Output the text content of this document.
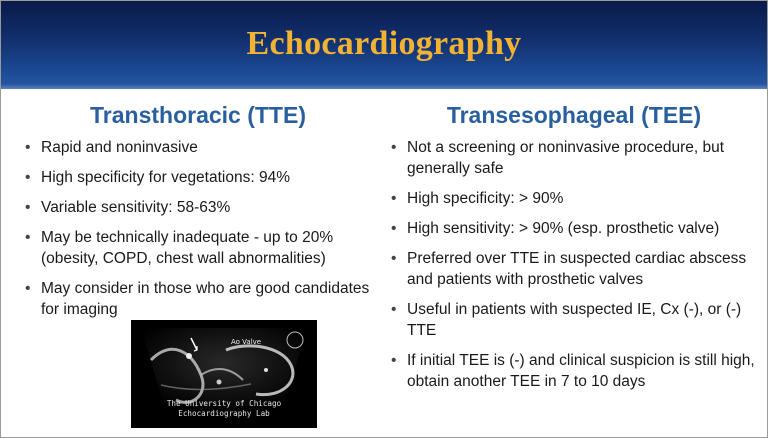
Echocardiography
Transthoracic (TTE)
• Rapid and noninvasive
• High specificity for vegetations: 94%
• Variable sensitivity: 58-63%
• May be technically inadequate - up to 20% (obesity, COPD, chest wall abnormalities)
• May consider in those who are good candidates for imaging
Ao Valve
The University of Chicago
Echocardiography Lab
Transesophageal (TEE)
• Not a screening or noninvasive procedure, but generally safe
• High specificity: > 90%
• High sensitivity: > 90% (esp. prosthetic valve)
• Preferred over TTE in suspected cardiac abscess and patients with prosthetic valves
• Useful in patients with suspected IE, Cx (-), or (-) TTE
• If initial TEE is (-) and clinical suspicion is still high, obtain another TEE in 7 to 10 days
